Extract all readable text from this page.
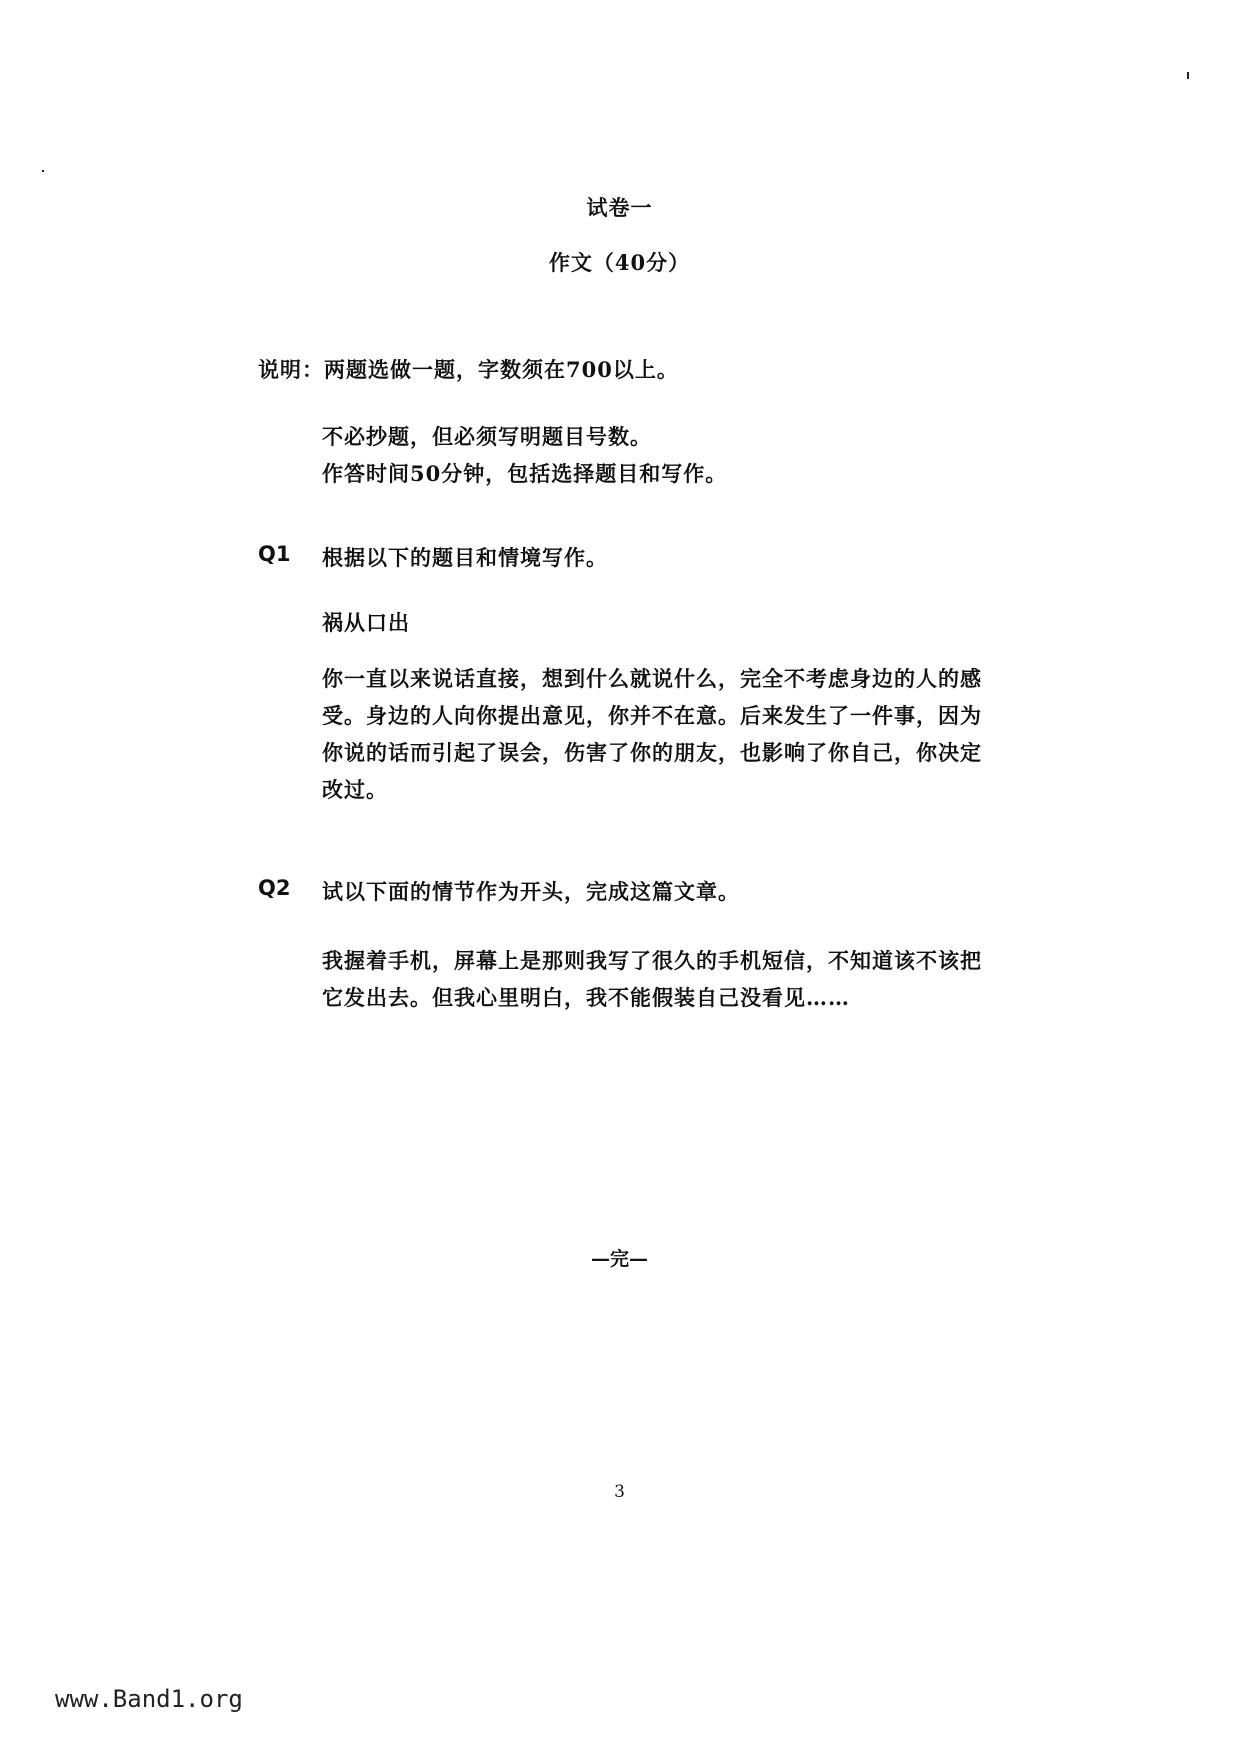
试卷一
作文（40分）
说明：两题选做一题，字数须在700以上。
不必抄题，但必须写明题目号数。
作答时间50分钟，包括选择题目和写作。
Q1 根据以下的题目和情境写作。
祸从口出
你一直以来说话直接，想到什么就说什么，完全不考虑身边的人的感受。身边的人向你提出意见，你并不在意。后来发生了一件事，因为你说的话而引起了误会，伤害了你的朋友，也影响了你自己，你决定改过。
Q2 试以下面的情节作为开头，完成这篇文章。
我握着手机，屏幕上是那则我写了很久的手机短信，不知道该不该把它发出去。但我心里明白，我不能假装自己没看见……
—完—
3
www.Band1.org
